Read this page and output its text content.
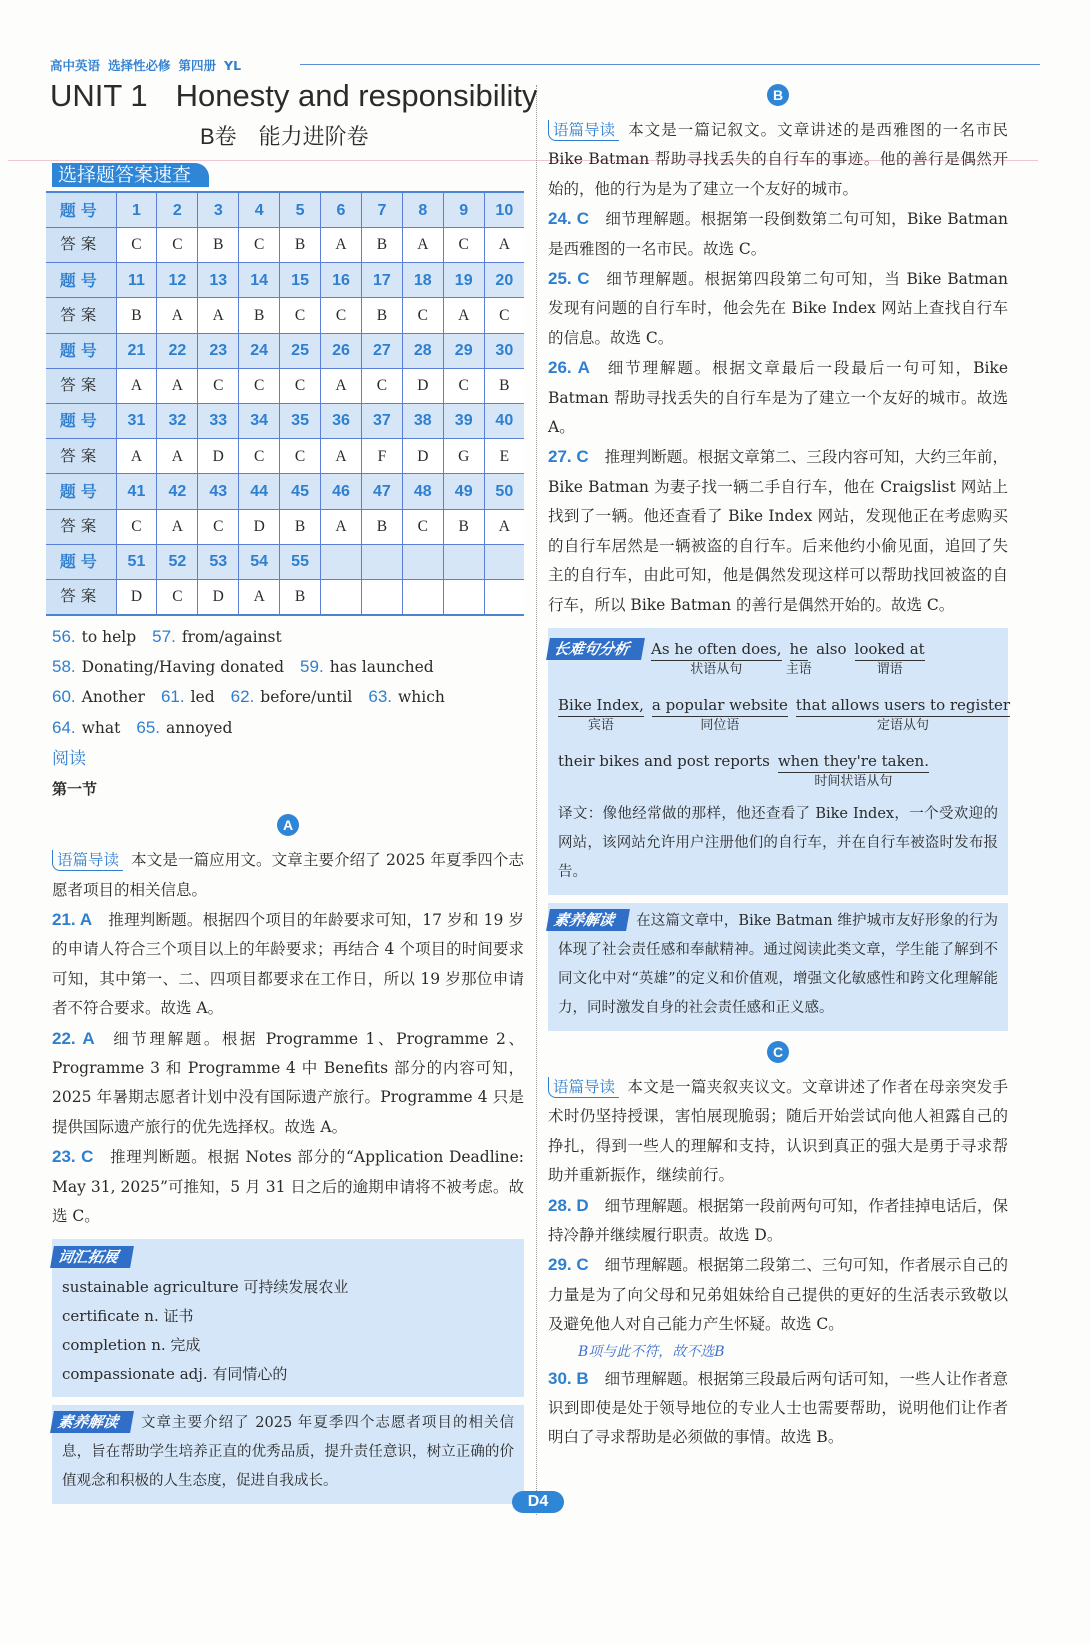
高中英语 选择性必修 第四册 YL
UNIT 1 Honesty and responsibility
B卷　能力进阶卷
选择题答案速查
题号	1	2	3	4	5	6	7	8	9	10
答案	C	C	B	C	B	A	B	A	C	A
题号	11	12	13	14	15	16	17	18	19	20
答案	B	A	A	B	C	C	B	C	A	C
题号	21	22	23	24	25	26	27	28	29	30
答案	A	A	C	C	C	A	C	D	C	B
题号	31	32	33	34	35	36	37	38	39	40
答案	A	A	D	C	C	A	F	D	G	E
题号	41	42	43	44	45	46	47	48	49	50
答案	C	A	C	D	B	A	B	C	B	A
题号	51	52	53	54	55					
答案	D	C	D	A	B					
56. to help 57. from/against
58. Donating/Having donated 59. has launched
60. Another 61. led 62. before/until 63. which
64. what 65. annoyed
阅读
第一节
A

语篇导读 本文是一篇应用文。文章主要介绍了 2025 年夏季四个志愿者项目的相关信息。

21. A 推理判断题。根据四个项目的年龄要求可知，17 岁和 19 岁的申请人符合三个项目以上的年龄要求；再结合 4 个项目的时间要求可知，其中第一、二、四项目都要求在工作日，所以 19 岁那位申请者不符合要求。故选 A。

22. A 细节理解题。根据 Programme 1、Programme 2、Programme 3 和 Programme 4 中 Benefits 部分的内容可知，2025 年暑期志愿者计划中没有国际遗产旅行。Programme 4 只是提供国际遗产旅行的优先选择权。故选 A。

23. C 推理判断题。根据 Notes 部分的“Application Deadline: May 31, 2025”可推知，5 月 31 日之后的逾期申请将不被考虑。故选 C。

词汇拓展
sustainable agriculture 可持续发展农业
certificate n. 证书
completion n. 完成
compassionate adj. 有同情心的
素养解读 文章主要介绍了 2025 年夏季四个志愿者项目的相关信息，旨在帮助学生培养正直的优秀品质，提升责任意识，树立正确的价值观念和积极的人生态度，促进自我成长。
B

语篇导读 本文是一篇记叙文。文章讲述的是西雅图的一名市民 Bike Batman 帮助寻找丢失的自行车的事迹。他的善行是偶然开始的，他的行为是为了建立一个友好的城市。

24. C 细节理解题。根据第一段倒数第二句可知，Bike Batman 是西雅图的一名市民。故选 C。

25. C 细节理解题。根据第四段第二句可知，当 Bike Batman 发现有问题的自行车时，他会先在 Bike Index 网站上查找自行车的信息。故选 C。

26. A 细节理解题。根据文章最后一段最后一句可知，Bike Batman 帮助寻找丢失的自行车是为了建立一个友好的城市。故选 A。

27. C 推理判断题。根据文章第二、三段内容可知，大约三年前，Bike Batman 为妻子找一辆二手自行车，他在 Craigslist 网站上找到了一辆。他还查看了 Bike Index 网站，发现他正在考虑购买的自行车居然是一辆被盗的自行车。后来他约小偷见面，追回了失主的自行车，由此可知，他是偶然发现这样可以帮助找回被盗的自行车，所以 Bike Batman 的善行是偶然开始的。故选 C。

长难句分析 As he often does,
状语从句
he
主语
also looked at
谓语
Bike Index,
宾语
a popular website
同位语
that allows users to register
定语从句
their bikes and post reports when they're taken.
时间状语从句
译文：像他经常做的那样，他还查看了 Bike Index，一个受欢迎的网站，该网站允许用户注册他们的自行车，并在自行车被盗时发布报告。
素养解读 在这篇文章中，Bike Batman 维护城市友好形象的行为体现了社会责任感和奉献精神。通过阅读此类文章，学生能了解到不同文化中对“英雄”的定义和价值观，增强文化敏感性和跨文化理解能力，同时激发自身的社会责任感和正义感。
C

语篇导读 本文是一篇夹叙夹议文。文章讲述了作者在母亲突发手术时仍坚持授课，害怕展现脆弱；随后开始尝试向他人袒露自己的挣扎，得到一些人的理解和支持，认识到真正的强大是勇于寻求帮助并重新振作，继续前行。

28. D 细节理解题。根据第一段前两句可知，作者挂掉电话后，保持冷静并继续履行职责。故选 D。

29. C 细节理解题。根据第二段第二、三句可知，作者展示自己的力量是为了向父母和兄弟姐妹给自己提供的更好的生活表示致敬以及避免他人对自己能力产生怀疑。故选 C。

B项与此不符，故不选B

30. B 细节理解题。根据第三段最后两句话可知，一些人让作者意识到即使是处于领导地位的专业人士也需要帮助，说明他们让作者明白了寻求帮助是必须做的事情。故选 B。

D4
